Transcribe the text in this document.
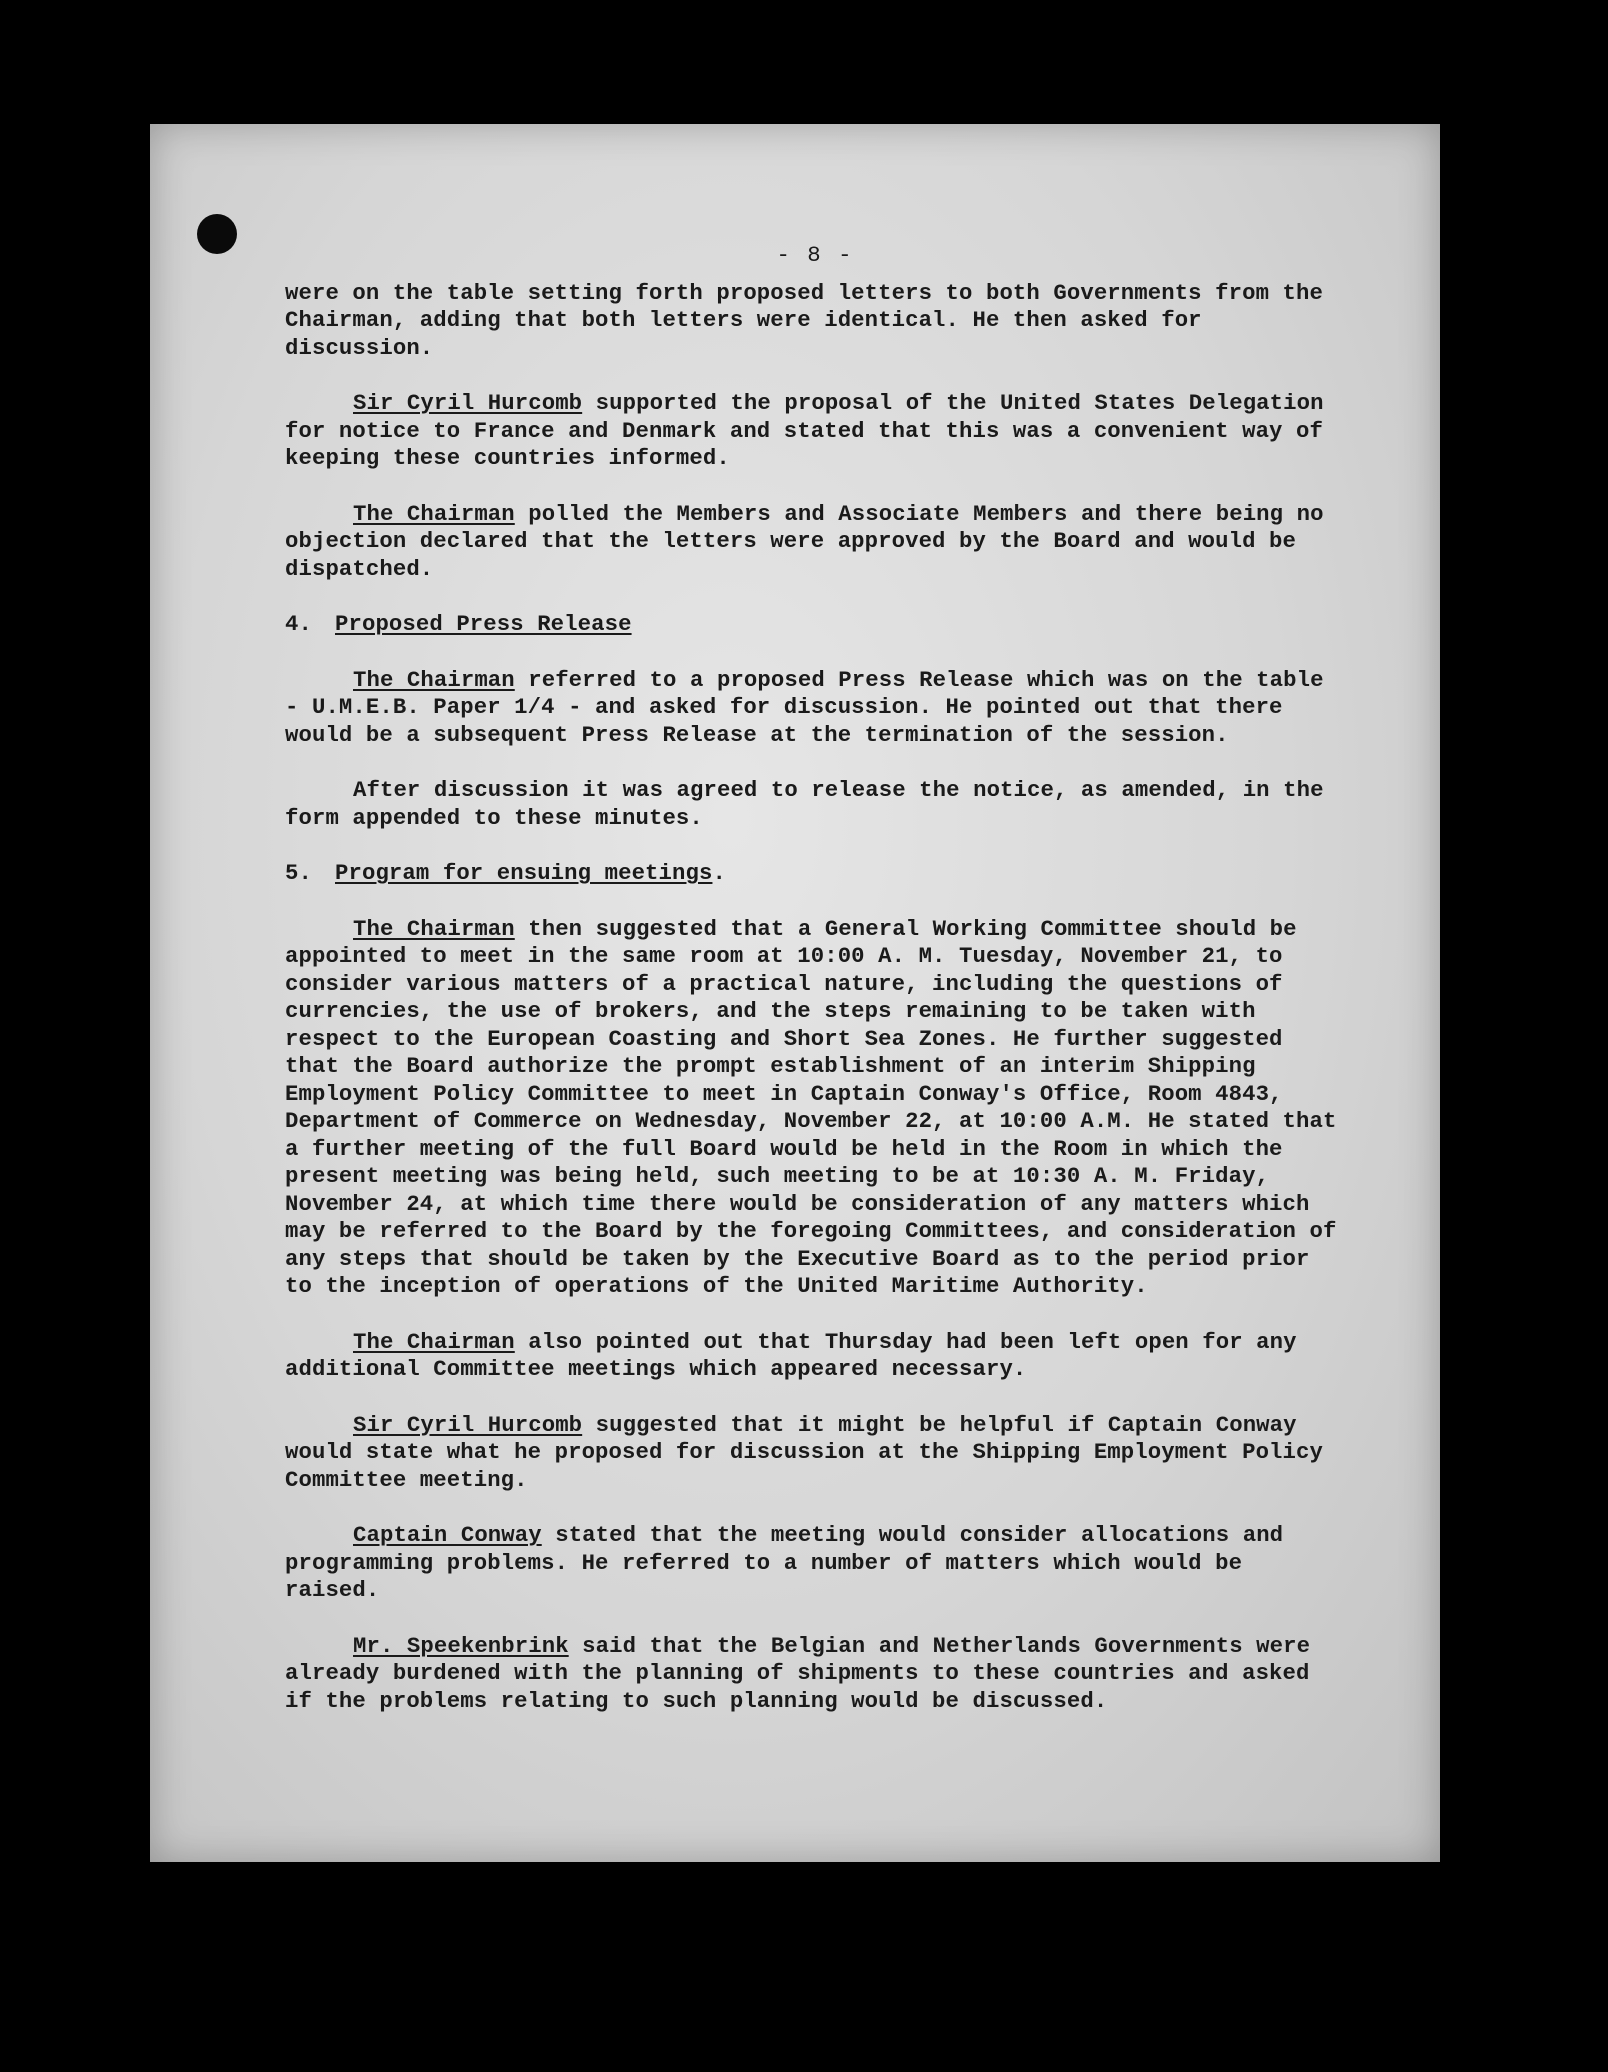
- 8 -

were on the table setting forth proposed letters to both Governments from the Chairman, adding that both letters were identical. He then asked for discussion.

Sir Cyril Hurcomb supported the proposal of the United States Delegation for notice to France and Denmark and stated that this was a convenient way of keeping these countries informed.

The Chairman polled the Members and Associate Members and there being no objection declared that the letters were approved by the Board and would be dispatched.

4. Proposed Press Release

The Chairman referred to a proposed Press Release which was on the table - U.M.E.B. Paper 1/4 - and asked for discussion. He pointed out that there would be a subsequent Press Release at the termination of the session.

After discussion it was agreed to release the notice, as amended, in the form appended to these minutes.

5. Program for ensuing meetings.

The Chairman then suggested that a General Working Committee should be appointed to meet in the same room at 10:00 A. M. Tuesday, November 21, to consider various matters of a practical nature, including the questions of currencies, the use of brokers, and the steps remaining to be taken with respect to the European Coasting and Short Sea Zones. He further suggested that the Board authorize the prompt establishment of an interim Shipping Employment Policy Committee to meet in Captain Conway's Office, Room 4843, Department of Commerce on Wednesday, November 22, at 10:00 A.M. He stated that a further meeting of the full Board would be held in the Room in which the present meeting was being held, such meeting to be at 10:30 A. M. Friday, November 24, at which time there would be consideration of any matters which may be referred to the Board by the foregoing Committees, and consideration of any steps that should be taken by the Executive Board as to the period prior to the inception of operations of the United Maritime Authority.

The Chairman also pointed out that Thursday had been left open for any additional Committee meetings which appeared necessary.

Sir Cyril Hurcomb suggested that it might be helpful if Captain Conway would state what he proposed for discussion at the Shipping Employment Policy Committee meeting.

Captain Conway stated that the meeting would consider allocations and programming problems. He referred to a number of matters which would be raised.

Mr. Speekenbrink said that the Belgian and Netherlands Governments were already burdened with the planning of shipments to these countries and asked if the problems relating to such planning would be discussed.
